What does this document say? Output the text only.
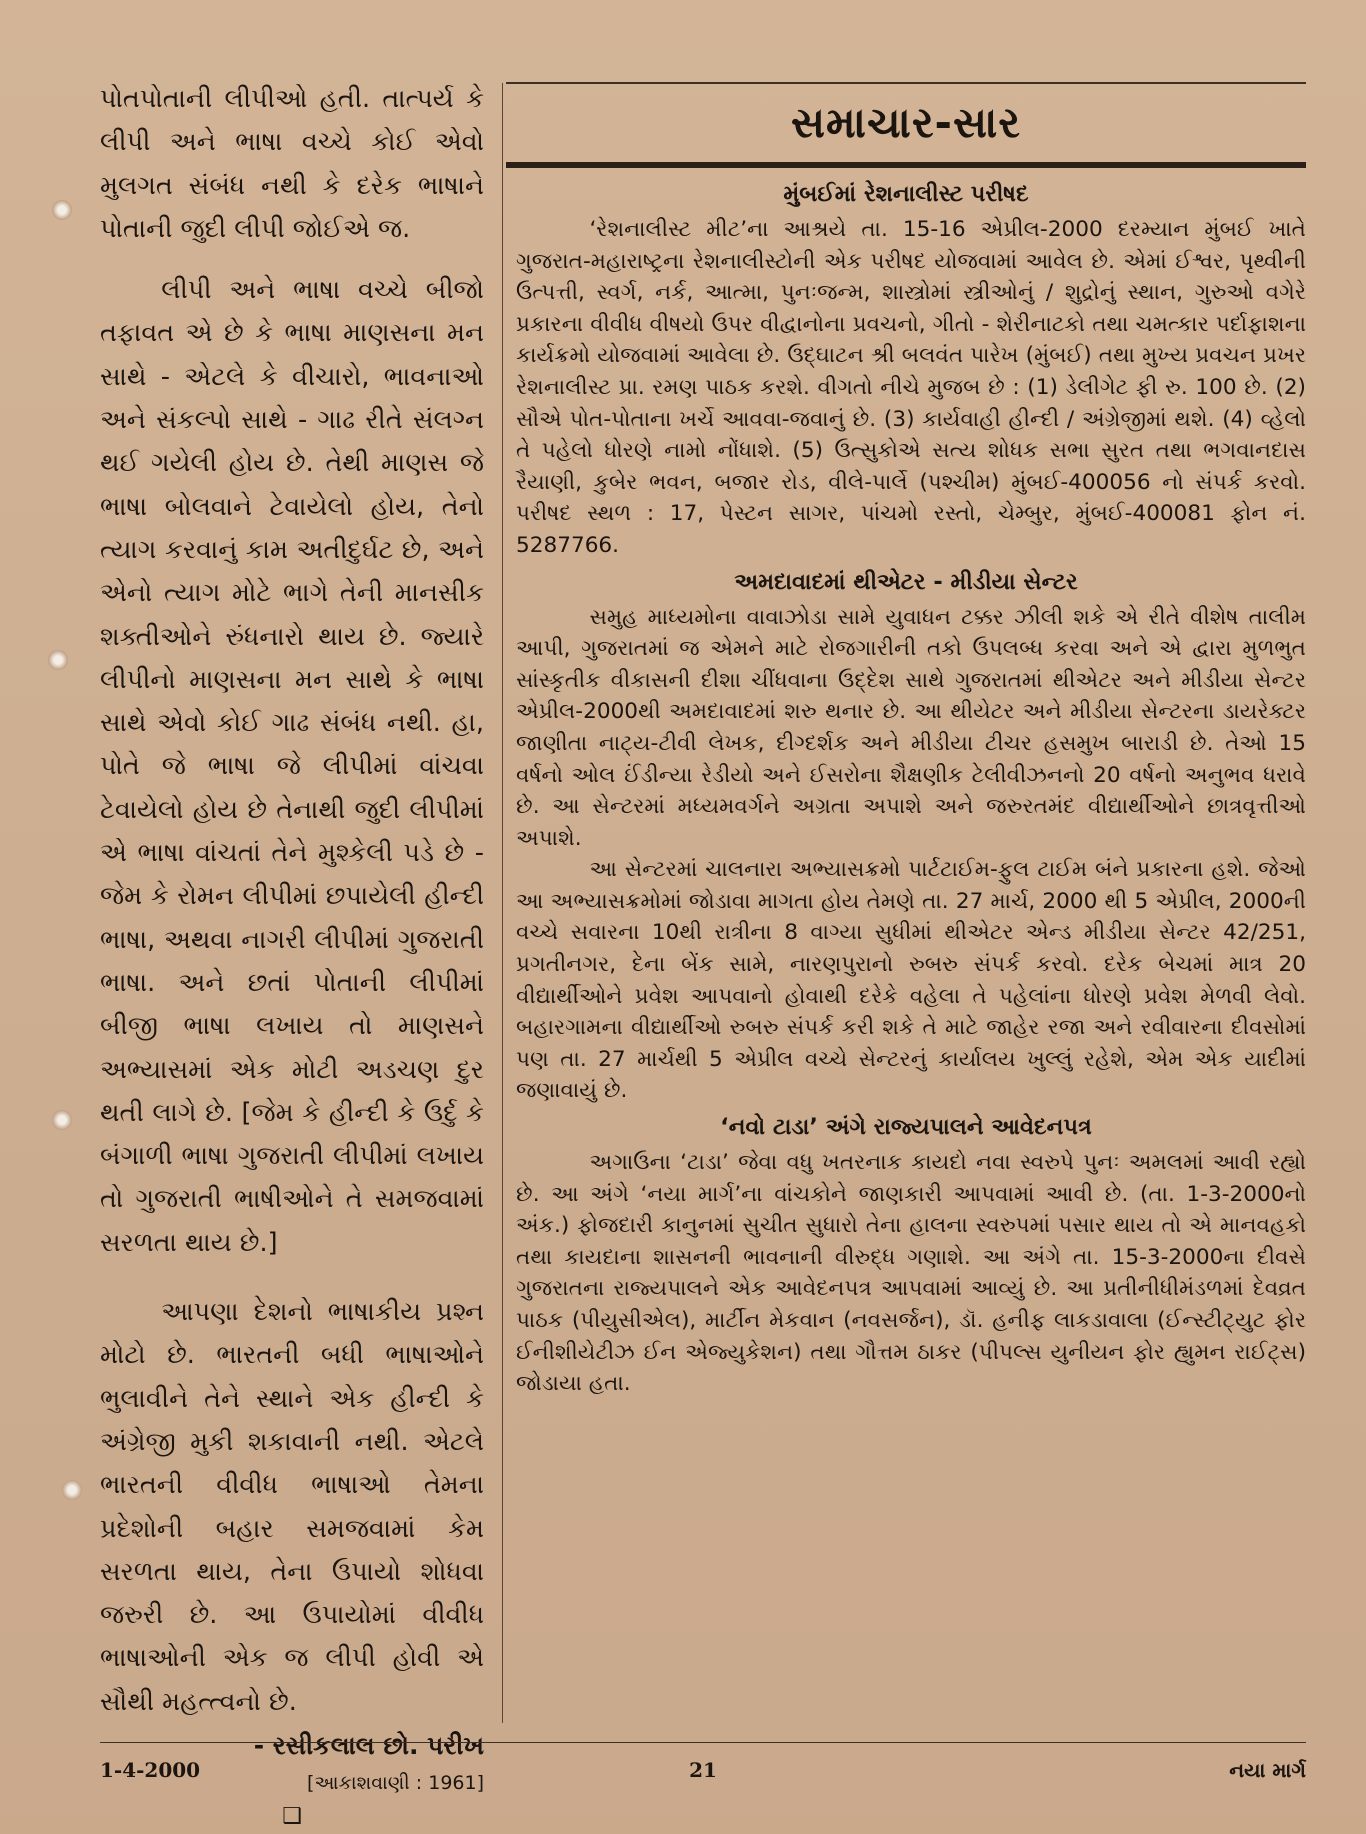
પોતપોતાની લીપીઓ હતી. તાત્પર્ય કે લીપી અને ભાષા વચ્ચે કોઈ એવો મુલગત સંબંધ નથી કે દરેક ભાષાને પોતાની જુદી લીપી જોઈએ જ.

લીપી અને ભાષા વચ્ચે બીજો તફાવત એ છે કે ભાષા માણસના મન સાથે - એટલે કે વીચારો, ભાવનાઓ અને સંકલ્પો સાથે - ગાઢ રીતે સંલગ્ન થઈ ગયેલી હોય છે. તેથી માણસ જે ભાષા બોલવાને ટેવાયેલો હોય, તેનો ત્યાગ કરવાનું કામ અતીદુર્ઘટ છે, અને એનો ત્યાગ મોટે ભાગે તેની માનસીક શક્તીઓને રુંધનારો થાય છે. જ્યારે લીપીનો માણસના મન સાથે કે ભાષા સાથે એવો કોઈ ગાઢ સંબંધ નથી. હા, પોતે જે ભાષા જે લીપીમાં વાંચવા ટેવાયેલો હોય છે તેનાથી જુદી લીપીમાં એ ભાષા વાંચતાં તેને મુશ્કેલી પડે છે - જેમ કે રોમન લીપીમાં છપાયેલી હીન્દી ભાષા, અથવા નાગરી લીપીમાં ગુજરાતી ભાષા. અને છતાં પોતાની લીપીમાં બીજી ભાષા લખાય તો માણસને અભ્યાસમાં એક મોટી અડચણ દુર થતી લાગે છે. [જેમ કે હીન્દી કે ઉર્દુ કે બંગાળી ભાષા ગુજરાતી લીપીમાં લખાય તો ગુજરાતી ભાષીઓને તે સમજવામાં સરળતા થાય છે.]

આપણા દેશનો ભાષાકીય પ્રશ્ન મોટો છે. ભારતની બધી ભાષાઓને ભુલાવીને તેને સ્થાને એક હીન્દી કે અંગ્રેજી મુકી શકાવાની નથી. એટલે ભારતની વીવીધ ભાષાઓ તેમના પ્રદેશોની બહાર સમજવામાં કેમ સરળતા થાય, તેના ઉપાયો શોધવા જરુરી છે. આ ઉપાયોમાં વીવીધ ભાષાઓની એક જ લીપી હોવી એ સૌથી મહત્ત્વનો છે.

- રસીકલાલ છો. પરીખ
[આકાશવાણી : 1961]
❑
સમાચાર-સાર
મુંબઈમાં રેશનાલીસ્ટ પરીષદ

‘રેશનાલીસ્ટ મીટ’ના આશ્રયે તા. 15-16 એપ્રીલ-2000 દરમ્યાન મુંબઈ ખાતે ગુજરાત-મહારાષ્ટ્રના રેશનાલીસ્ટોની એક પરીષદ યોજવામાં આવેલ છે. એમાં ઈશ્વર, પૃથ્વીની ઉત્પત્તી, સ્વર્ગ, નર્ક, આત્મા, પુનઃજન્મ, શાસ્ત્રોમાં સ્ત્રીઓનું / શુદ્રોનું સ્થાન, ગુરુઓ વગેરે પ્રકારના વીવીધ વીષયો ઉપર વીદ્વાનોના પ્રવચનો, ગીતો - શેરીનાટકો તથા ચમત્કાર પર્દાફાશના કાર્યક્રમો યોજવામાં આવેલા છે. ઉદ્‌ઘાટન શ્રી બલવંત પારેખ (મુંબઈ) તથા મુખ્ય પ્રવચન પ્રખર રેશનાલીસ્ટ પ્રા. રમણ પાઠક કરશે. વીગતો નીચે મુજબ છે : (1) ડેલીગેટ ફી રુ. 100 છે. (2) સૌએ પોત-પોતાના ખર્ચે આવવા-જવાનું છે. (3) કાર્યવાહી હીન્દી / અંગ્રેજીમાં થશે. (4) વ્હેલો તે પહેલો ધોરણે નામો નોંધાશે. (5) ઉત્સુકોએ સત્ય શોધક સભા સુરત તથા ભગવાનદાસ રૈયાણી, કુબેર ભવન, બજાર રોડ, વીલે-પાર્લે (પશ્ચીમ) મુંબઈ-400056 નો સંપર્ક કરવો. પરીષદ સ્થળ : 17, પેસ્ટન સાગર, પાંચમો રસ્તો, ચેમ્બુર, મુંબઈ-400081 ફોન નં. 5287766.

અમદાવાદમાં થીએટર - મીડીયા સેન્ટર

સમુહ માધ્યમોના વાવાઝોડા સામે યુવાધન ટક્કર ઝીલી શકે એ રીતે વીશેષ તાલીમ આપી, ગુજરાતમાં જ એમને માટે રોજગારીની તકો ઉપલબ્ધ કરવા અને એ દ્વારા મુળભુત સાંસ્કૃતીક વીકાસની દીશા ચીંધવાના ઉદ્દેશ સાથે ગુજરાતમાં થીએટર અને મીડીયા સેન્ટર એપ્રીલ-2000થી અમદાવાદમાં શરુ થનાર છે. આ થીયેટર અને મીડીયા સેન્ટરના ડાયરેક્ટર જાણીતા નાટ્ય-ટીવી લેખક, દીગ્દર્શક અને મીડીયા ટીચર હસમુખ બારાડી છે. તેઓ 15 વર્ષનો ઓલ ઈંડીન્યા રેડીયો અને ઈસરોના શૈક્ષણીક ટેલીવીઝનનો 20 વર્ષનો અનુભવ ધરાવે છે. આ સેન્ટરમાં મધ્યમવર્ગને અગ્રતા અપાશે અને જરુરતમંદ વીદ્યાર્થીઓને છાત્રવૃત્તીઓ અપાશે.

આ સેન્ટરમાં ચાલનારા અભ્યાસક્રમો પાર્ટટાઈમ-ફુલ ટાઈમ બંને પ્રકારના હશે. જેઓ આ અભ્યાસક્રમોમાં જોડાવા માગતા હોય તેમણે તા. 27 માર્ચ, 2000 થી 5 એપ્રીલ, 2000ની વચ્ચે સવારના 10થી રાત્રીના 8 વાગ્યા સુધીમાં થીએટર એન્ડ મીડીયા સેન્ટર 42/251, પ્રગતીનગર, દેના બેંક સામે, નારણપુરાનો રુબરુ સંપર્ક કરવો. દરેક બેચમાં માત્ર 20 વીદ્યાર્થીઓને પ્રવેશ આપવાનો હોવાથી દરેકે વહેલા તે પહેલાંના ધોરણે પ્રવેશ મેળવી લેવો. બહારગામના વીદ્યાર્થીઓ રુબરુ સંપર્ક કરી શકે તે માટે જાહેર રજા અને રવીવારના દીવસોમાં પણ તા. 27 માર્ચથી 5 એપ્રીલ વચ્ચે સેન્ટરનું કાર્યાલય ખુલ્લું રહેશે, એમ એક યાદીમાં જણાવાયું છે.

‘નવો ટાડા’ અંગે રાજ્યપાલને આવેદનપત્ર

અગાઉના ‘ટાડા’ જેવા વધુ ખતરનાક કાયદો નવા સ્વરુપે પુનઃ અમલમાં આવી રહ્યો છે. આ અંગે ‘નયા માર્ગ’ના વાંચકોને જાણકારી આપવામાં આવી છે. (તા. 1-3-2000નો અંક.) ફોજદારી કાનુનમાં સુચીત સુધારો તેના હાલના સ્વરુપમાં પસાર થાય તો એ માનવહકો તથા કાયદાના શાસનની ભાવનાની વીરુદ્ધ ગણાશે. આ અંગે તા. 15-3-2000ના દીવસે ગુજરાતના રાજ્યપાલને એક આવેદનપત્ર આપવામાં આવ્યું છે. આ પ્રતીનીધીમંડળમાં દેવવ્રત પાઠક (પીયુસીએલ), માર્ટીન મેકવાન (નવસર્જન), ડૉ. હનીફ લાકડાવાલા (ઈન્સ્ટીટ્યુટ ફોર ઈનીશીયેટીઝ ઈન એજ્યુકેશન) તથા ગૌત્તમ ઠાકર (પીપલ્સ યુનીયન ફોર હ્યુમન રાઈટ્સ) જોડાયા હતા.

1-4-2000	21	નયા માર્ગ
